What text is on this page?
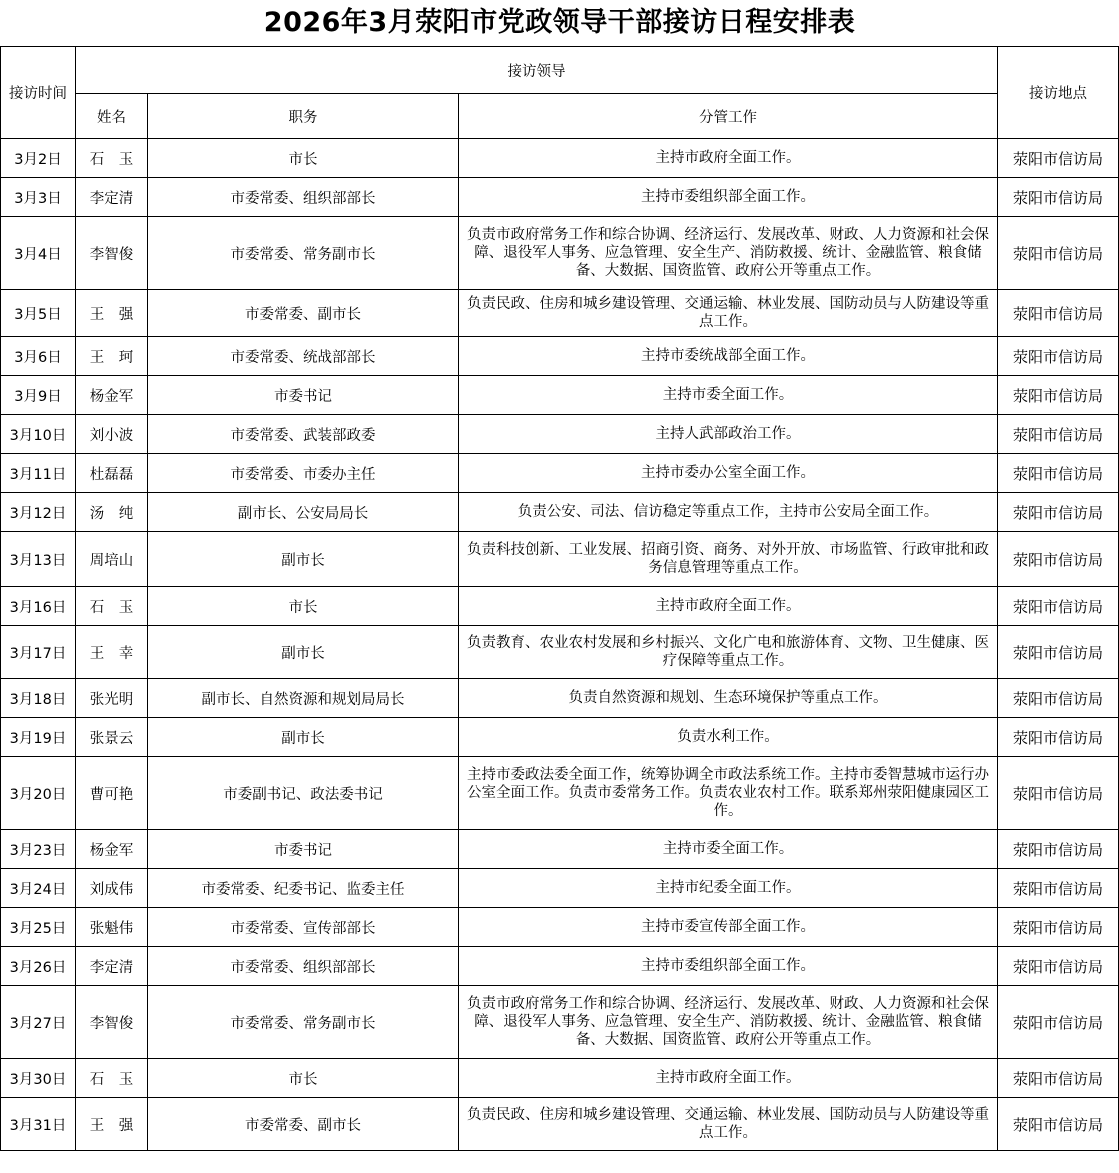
2026年3月荥阳市党政领导干部接访日程安排表
接访时间	接访领导			接访地点
	姓名	职务	分管工作	
3月2日	石　玉	市长	主持市政府全面工作。	荥阳市信访局
3月3日	李定清	市委常委、组织部部长	主持市委组织部全面工作。	荥阳市信访局
3月4日	李智俊	市委常委、常务副市长	负责市政府常务工作和综合协调、经济运行、发展改革、财政、人力资源和社会保障、退役军人事务、应急管理、安全生产、消防救援、统计、金融监管、粮食储备、大数据、国资监管、政府公开等重点工作。	荥阳市信访局
3月5日	王　强	市委常委、副市长	负责民政、住房和城乡建设管理、交通运输、林业发展、国防动员与人防建设等重点工作。	荥阳市信访局
3月6日	王　珂	市委常委、统战部部长	主持市委统战部全面工作。	荥阳市信访局
3月9日	杨金军	市委书记	主持市委全面工作。	荥阳市信访局
3月10日	刘小波	市委常委、武装部政委	主持人武部政治工作。	荥阳市信访局
3月11日	杜磊磊	市委常委、市委办主任	主持市委办公室全面工作。	荥阳市信访局
3月12日	汤　纯	副市长、公安局局长	负责公安、司法、信访稳定等重点工作，主持市公安局全面工作。	荥阳市信访局
3月13日	周培山	副市长	负责科技创新、工业发展、招商引资、商务、对外开放、市场监管、行政审批和政务信息管理等重点工作。	荥阳市信访局
3月16日	石　玉	市长	主持市政府全面工作。	荥阳市信访局
3月17日	王　幸	副市长	负责教育、农业农村发展和乡村振兴、文化广电和旅游体育、文物、卫生健康、医疗保障等重点工作。	荥阳市信访局
3月18日	张光明	副市长、自然资源和规划局局长	负责自然资源和规划、生态环境保护等重点工作。	荥阳市信访局
3月19日	张景云	副市长	负责水利工作。	荥阳市信访局
3月20日	曹可艳	市委副书记、政法委书记	主持市委政法委全面工作，统筹协调全市政法系统工作。主持市委智慧城市运行办公室全面工作。负责市委常务工作。负责农业农村工作。联系郑州荥阳健康园区工作。	荥阳市信访局
3月23日	杨金军	市委书记	主持市委全面工作。	荥阳市信访局
3月24日	刘成伟	市委常委、纪委书记、监委主任	主持市纪委全面工作。	荥阳市信访局
3月25日	张魁伟	市委常委、宣传部部长	主持市委宣传部全面工作。	荥阳市信访局
3月26日	李定清	市委常委、组织部部长	主持市委组织部全面工作。	荥阳市信访局
3月27日	李智俊	市委常委、常务副市长	负责市政府常务工作和综合协调、经济运行、发展改革、财政、人力资源和社会保障、退役军人事务、应急管理、安全生产、消防救援、统计、金融监管、粮食储备、大数据、国资监管、政府公开等重点工作。	荥阳市信访局
3月30日	石　玉	市长	主持市政府全面工作。	荥阳市信访局
3月31日	王　强	市委常委、副市长	负责民政、住房和城乡建设管理、交通运输、林业发展、国防动员与人防建设等重点工作。	荥阳市信访局
